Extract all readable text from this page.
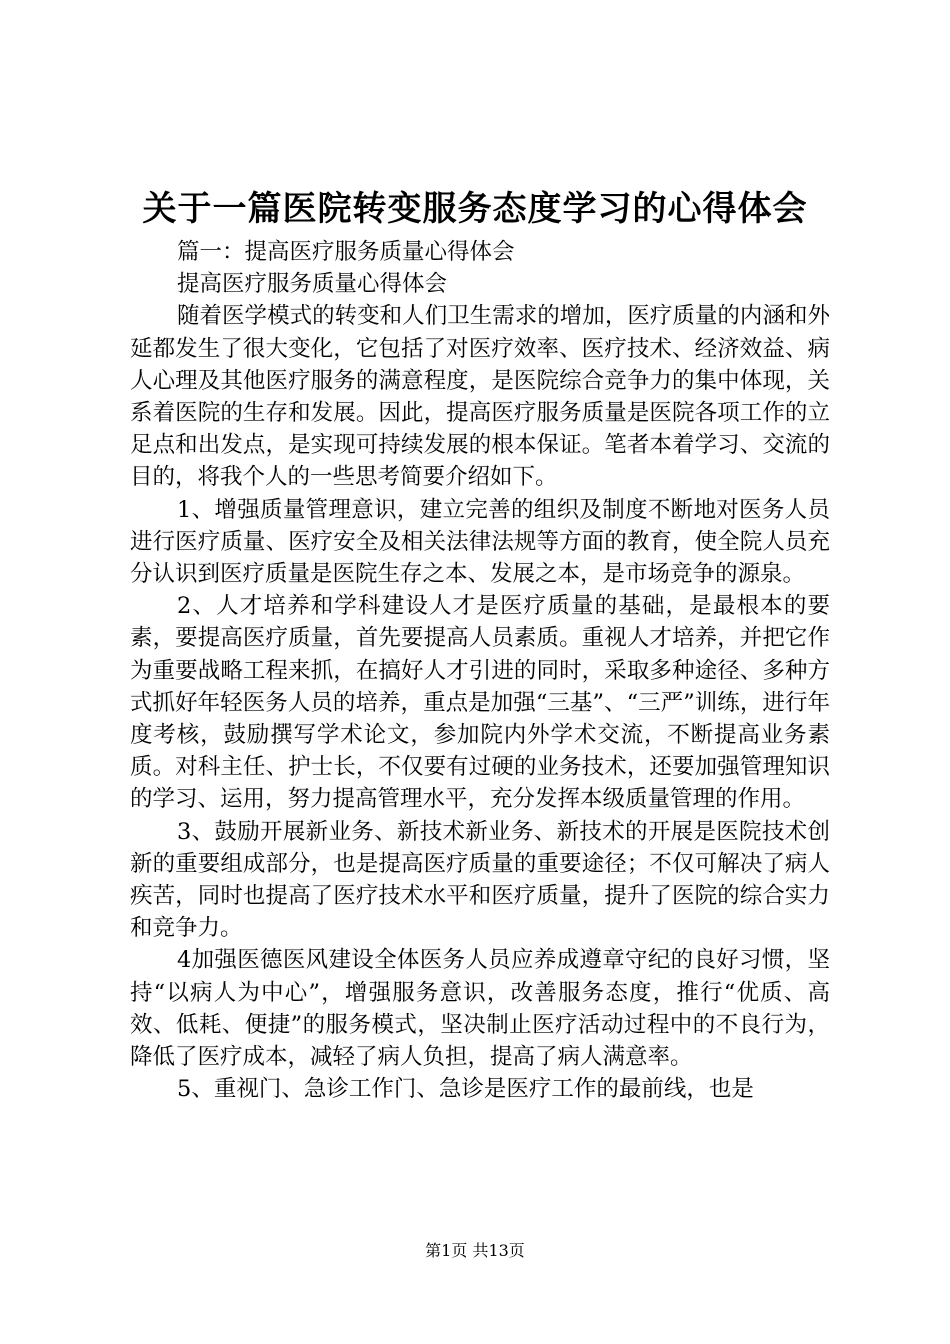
关于一篇医院转变服务态度学习的心得体会

篇一：提高医疗服务质量心得体会

提高医疗服务质量心得体会

随着医学模式的转变和人们卫生需求的增加，医疗质量的内涵和外延都发生了很大变化，它包括了对医疗效率、医疗技术、经济效益、病人心理及其他医疗服务的满意程度，是医院综合竞争力的集中体现，关系着医院的生存和发展。因此，提高医疗服务质量是医院各项工作的立足点和出发点，是实现可持续发展的根本保证。笔者本着学习、交流的目的，将我个人的一些思考简要介绍如下。

1、增强质量管理意识，建立完善的组织及制度不断地对医务人员进行医疗质量、医疗安全及相关法律法规等方面的教育，使全院人员充分认识到医疗质量是医院生存之本、发展之本，是市场竞争的源泉。

2、人才培养和学科建设人才是医疗质量的基础，是最根本的要素，要提高医疗质量，首先要提高人员素质。重视人才培养，并把它作为重要战略工程来抓，在搞好人才引进的同时，采取多种途径、多种方式抓好年轻医务人员的培养，重点是加强“三基”、“三严”训练，进行年度考核，鼓励撰写学术论文，参加院内外学术交流，不断提高业务素质。对科主任、护士长，不仅要有过硬的业务技术，还要加强管理知识的学习、运用，努力提高管理水平，充分发挥本级质量管理的作用。

3、鼓励开展新业务、新技术新业务、新技术的开展是医院技术创新的重要组成部分，也是提高医疗质量的重要途径；不仅可解决了病人疾苦，同时也提高了医疗技术水平和医疗质量，提升了医院的综合实力和竞争力。

4加强医德医风建设全体医务人员应养成遵章守纪的良好习惯，坚持“以病人为中心”，增强服务意识，改善服务态度，推行“优质、高效、低耗、便捷”的服务模式，坚决制止医疗活动过程中的不良行为，降低了医疗成本，减轻了病人负担，提高了病人满意率。

5、重视门、急诊工作门、急诊是医疗工作的最前线，也是

第1页 共13页
